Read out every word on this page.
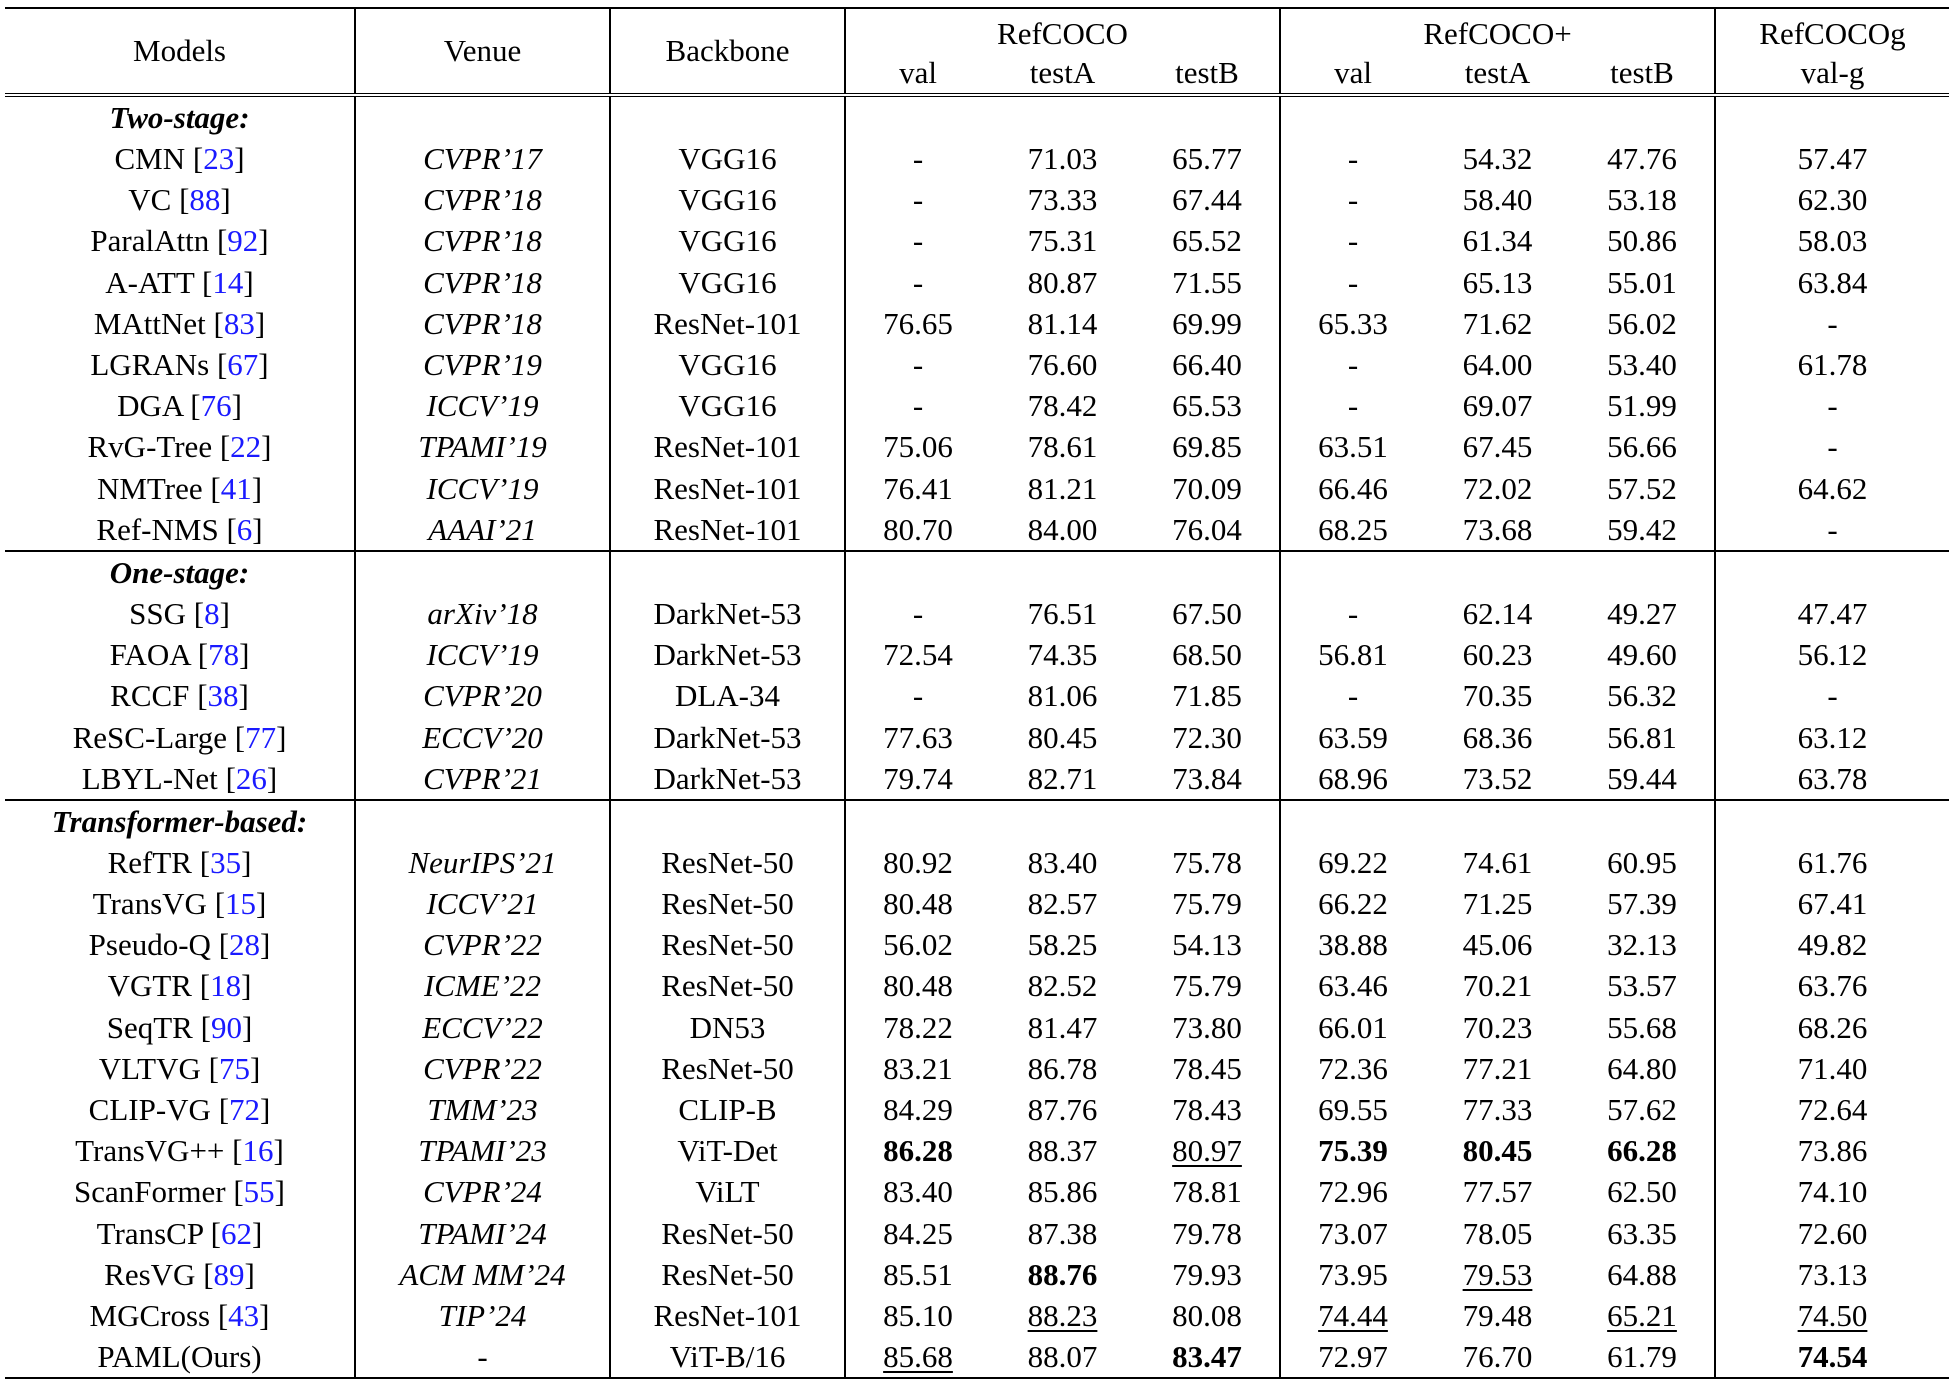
Models	Venue	Backbone	RefCOCO			RefCOCO+			RefCOCOg
			val	testA	testB	val	testA	testB	val-g
Two-stage:									
CMN [23]	CVPR’17	VGG16	-	71.03	65.77	-	54.32	47.76	57.47
VC [88]	CVPR’18	VGG16	-	73.33	67.44	-	58.40	53.18	62.30
ParalAttn [92]	CVPR’18	VGG16	-	75.31	65.52	-	61.34	50.86	58.03
A-ATT [14]	CVPR’18	VGG16	-	80.87	71.55	-	65.13	55.01	63.84
MAttNet [83]	CVPR’18	ResNet-101	76.65	81.14	69.99	65.33	71.62	56.02	-
LGRANs [67]	CVPR’19	VGG16	-	76.60	66.40	-	64.00	53.40	61.78
DGA [76]	ICCV’19	VGG16	-	78.42	65.53	-	69.07	51.99	-
RvG-Tree [22]	TPAMI’19	ResNet-101	75.06	78.61	69.85	63.51	67.45	56.66	-
NMTree [41]	ICCV’19	ResNet-101	76.41	81.21	70.09	66.46	72.02	57.52	64.62
Ref-NMS [6]	AAAI’21	ResNet-101	80.70	84.00	76.04	68.25	73.68	59.42	-
One-stage:									
SSG [8]	arXiv’18	DarkNet-53	-	76.51	67.50	-	62.14	49.27	47.47
FAOA [78]	ICCV’19	DarkNet-53	72.54	74.35	68.50	56.81	60.23	49.60	56.12
RCCF [38]	CVPR’20	DLA-34	-	81.06	71.85	-	70.35	56.32	-
ReSC-Large [77]	ECCV’20	DarkNet-53	77.63	80.45	72.30	63.59	68.36	56.81	63.12
LBYL-Net [26]	CVPR’21	DarkNet-53	79.74	82.71	73.84	68.96	73.52	59.44	63.78
Transformer-based:									
RefTR [35]	NeurIPS’21	ResNet-50	80.92	83.40	75.78	69.22	74.61	60.95	61.76
TransVG [15]	ICCV’21	ResNet-50	80.48	82.57	75.79	66.22	71.25	57.39	67.41
Pseudo-Q [28]	CVPR’22	ResNet-50	56.02	58.25	54.13	38.88	45.06	32.13	49.82
VGTR [18]	ICME’22	ResNet-50	80.48	82.52	75.79	63.46	70.21	53.57	63.76
SeqTR [90]	ECCV’22	DN53	78.22	81.47	73.80	66.01	70.23	55.68	68.26
VLTVG [75]	CVPR’22	ResNet-50	83.21	86.78	78.45	72.36	77.21	64.80	71.40
CLIP-VG [72]	TMM’23	CLIP-B	84.29	87.76	78.43	69.55	77.33	57.62	72.64
TransVG++ [16]	TPAMI’23	ViT-Det	86.28	88.37	80.97	75.39	80.45	66.28	73.86
ScanFormer [55]	CVPR’24	ViLT	83.40	85.86	78.81	72.96	77.57	62.50	74.10
TransCP [62]	TPAMI’24	ResNet-50	84.25	87.38	79.78	73.07	78.05	63.35	72.60
ResVG [89]	ACM MM’24	ResNet-50	85.51	88.76	79.93	73.95	79.53	64.88	73.13
MGCross [43]	TIP’24	ResNet-101	85.10	88.23	80.08	74.44	79.48	65.21	74.50
PAML(Ours)	-	ViT-B/16	85.68	88.07	83.47	72.97	76.70	61.79	74.54
